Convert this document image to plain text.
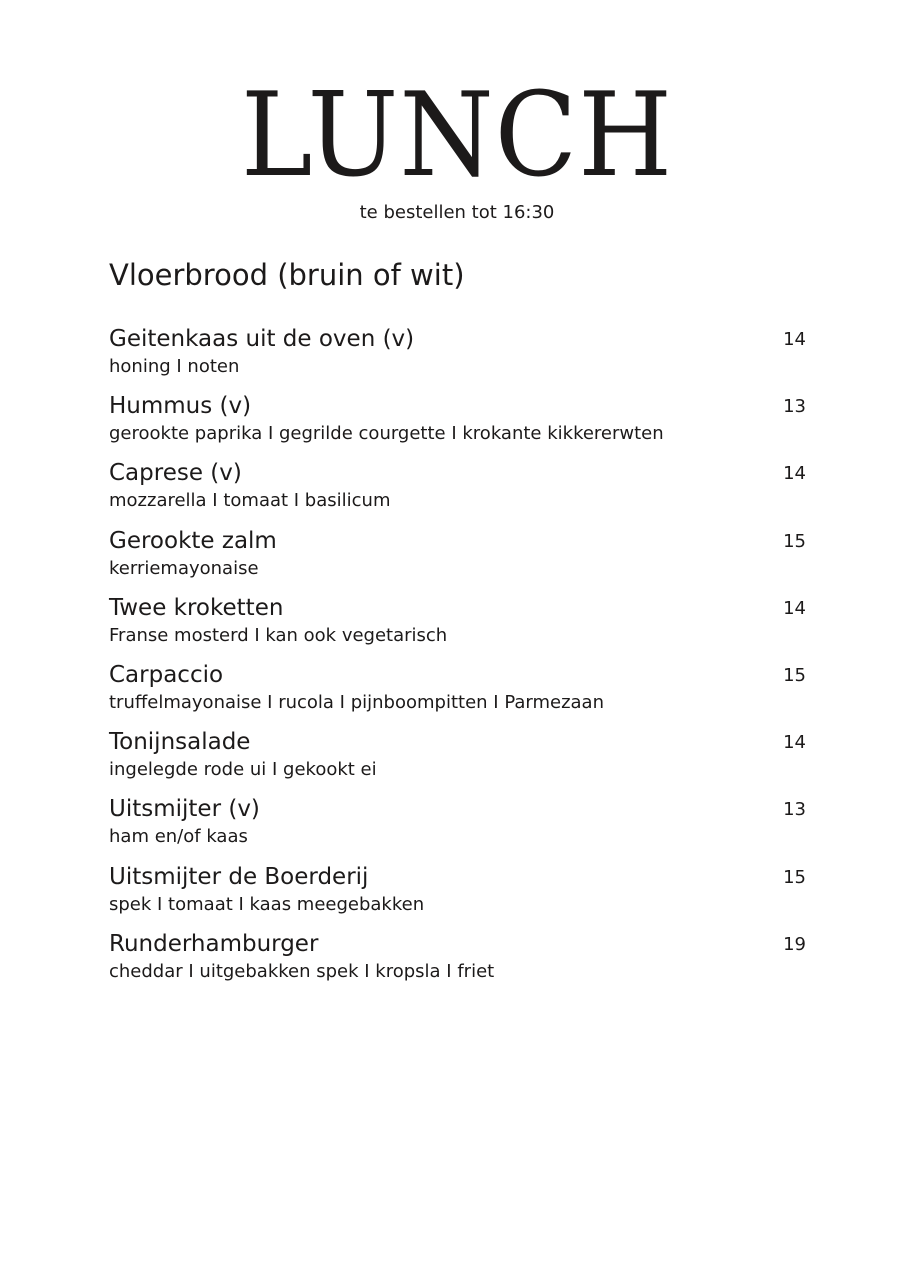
LUNCH

te bestellen tot 16:30

Vloerbrood (bruin of wit)
Geitenkaas uit de oven (v)
honing I noten
14
Hummus (v)
gerookte paprika I gegrilde courgette I krokante kikkererwten
13
Caprese (v)
mozzarella I tomaat I basilicum
14
Gerookte zalm
kerriemayonaise
15
Twee kroketten
Franse mosterd I kan ook vegetarisch
14
Carpaccio
truffelmayonaise I rucola I pijnboompitten I Parmezaan
15
Tonijnsalade
ingelegde rode ui I gekookt ei
14
Uitsmijter (v)
ham en/of kaas
13
Uitsmijter de Boerderij
spek I tomaat I kaas meegebakken
15
Runderhamburger
cheddar I uitgebakken spek I kropsla I friet
19
